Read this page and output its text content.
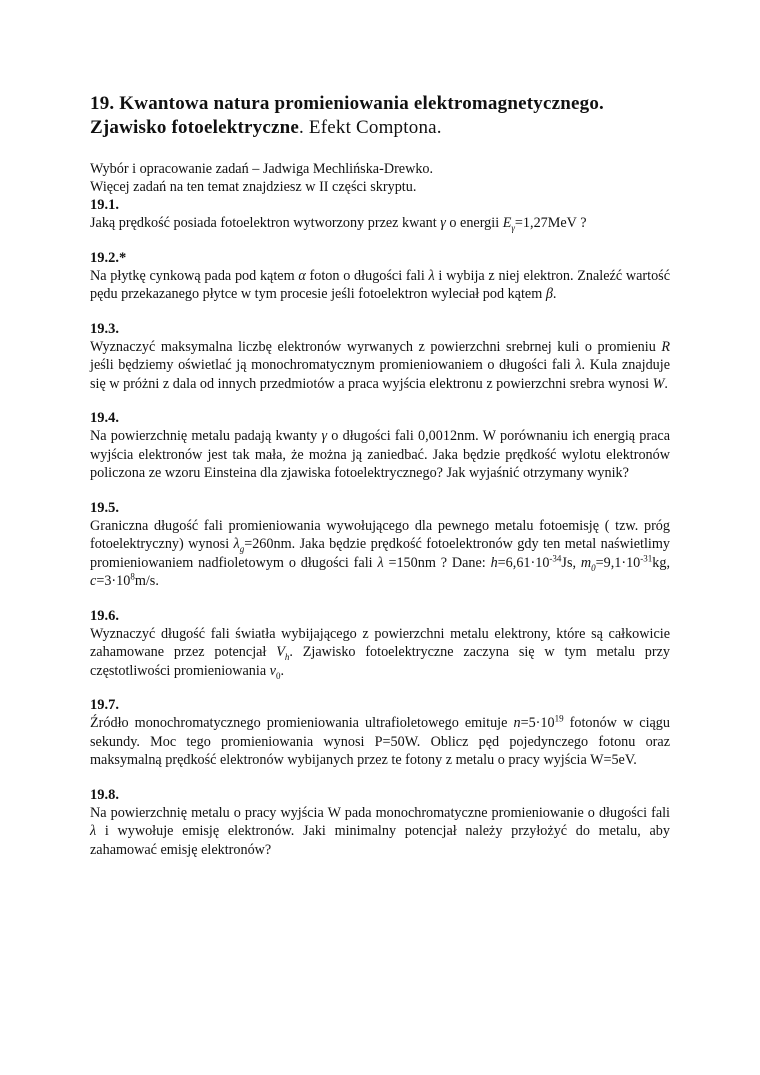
19. Kwantowa natura promieniowania elektromagnetycznego.
Zjawisko fotoelektryczne. Efekt Comptona.
Wybór i opracowanie zadań – Jadwiga Mechlińska-Drewko.
Więcej zadań na ten temat znajdziesz w II części skryptu.
19.1.
Jaką prędkość posiada fotoelektron wytworzony przez kwant γ o energii $E_\gamma=1,27MeV$ ?
19.2.*
Na płytkę cynkową pada pod kątem α foton o długości fali λ i wybija z niej elektron. Znaleźć wartość pędu przekazanego płytce w tym procesie jeśli fotoelektron wyleciał pod kątem β.
19.3.
Wyznaczyć maksymalna liczbę elektronów wyrwanych z powierzchni srebrnej kuli o promieniu R jeśli będziemy oświetlać ją monochromatycznym promieniowaniem o długości fali λ. Kula znajduje się w próżni z dala od innych przedmiotów a praca wyjścia elektronu z powierzchni srebra wynosi W.
19.4.
Na powierzchnię metalu padają kwanty γ o długości fali 0,0012nm. W porównaniu ich energią praca wyjścia elektronów jest tak mała, że można ją zaniedbać. Jaka będzie prędkość wylotu elektronów policzona ze wzoru Einsteina dla zjawiska fotoelektrycznego? Jak wyjaśnić otrzymany wynik?
19.5.
Graniczna długość fali promieniowania wywołującego dla pewnego metalu fotoemisję ( tzw. próg fotoelektryczny) wynosi $\lambda_g=260nm$. Jaka będzie prędkość fotoelektronów gdy ten metal naświetlimy promieniowaniem nadfioletowym o długości fali λ =150nm ? Dane: $h=6,61\cdot 10^{-34}Js$, $m_0=9,1\cdot 10^{-31}kg$, $c=3\cdot 10^8m/s$.
19.6.
Wyznaczyć długość fali światła wybijającego z powierzchni metalu elektrony, które są całkowicie zahamowane przez potencjał $V_h$. Zjawisko fotoelektryczne zaczyna się w tym metalu przy częstotliwości promieniowania $\nu_0$.
19.7.
Źródło monochromatycznego promieniowania ultrafioletowego emituje $n=5\cdot 10^{19}$ fotonów w ciągu sekundy. Moc tego promieniowania wynosi P=50W. Oblicz pęd pojedynczego fotonu oraz maksymalną prędkość elektronów wybijanych przez te fotony z metalu o pracy wyjścia W=5eV.
19.8.
Na powierzchnię metalu o pracy wyjścia W pada monochromatyczne promieniowanie o długości fali λ i wywołuje emisję elektronów. Jaki minimalny potencjał należy przyłożyć do metalu, aby zahamować emisję elektronów?
